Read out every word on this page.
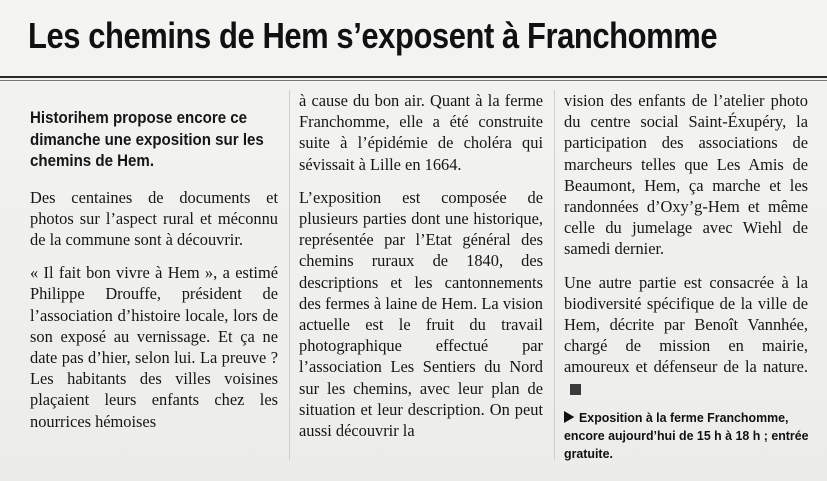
Les chemins de Hem s’exposent à Franchomme

Historihem propose encore ce dimanche une exposition sur les chemins de Hem.

Des centaines de documents et photos sur l’aspect rural et méconnu de la commune sont à découvrir.

« Il fait bon vivre à Hem », a estimé Philippe Drouffe, président de l’association d’histoire locale, lors de son exposé au vernissage. Et ça ne date pas d’hier, selon lui. La preuve ? Les habitants des villes voisines plaçaient leurs enfants chez les nourrices hémoises

à cause du bon air. Quant à la ferme Franchomme, elle a été construite suite à l’épidémie de choléra qui sévissait à Lille en 1664.

L’exposition est composée de plusieurs parties dont une historique, représentée par l’Etat général des chemins ruraux de 1840, des descriptions et les cantonnements des fermes à laine de Hem. La vision actuelle est le fruit du travail photographique effectué par l’association Les Sentiers du Nord sur les chemins, avec leur plan de situation et leur description. On peut aussi découvrir la

vision des enfants de l’atelier photo du centre social Saint-Éxupéry, la participation des associations de marcheurs telles que Les Amis de Beaumont, Hem, ça marche et les randonnées d’Oxy’g-Hem et même celle du jumelage avec Wiehl de samedi dernier.

Une autre partie est consacrée à la biodiversité spécifique de la ville de Hem, décrite par Benoît Vannhée, chargé de mission en mairie, amoureux et défenseur de la nature.

Exposition à la ferme Franchomme, encore aujourd’hui de 15 h à 18 h ; entrée gratuite.
